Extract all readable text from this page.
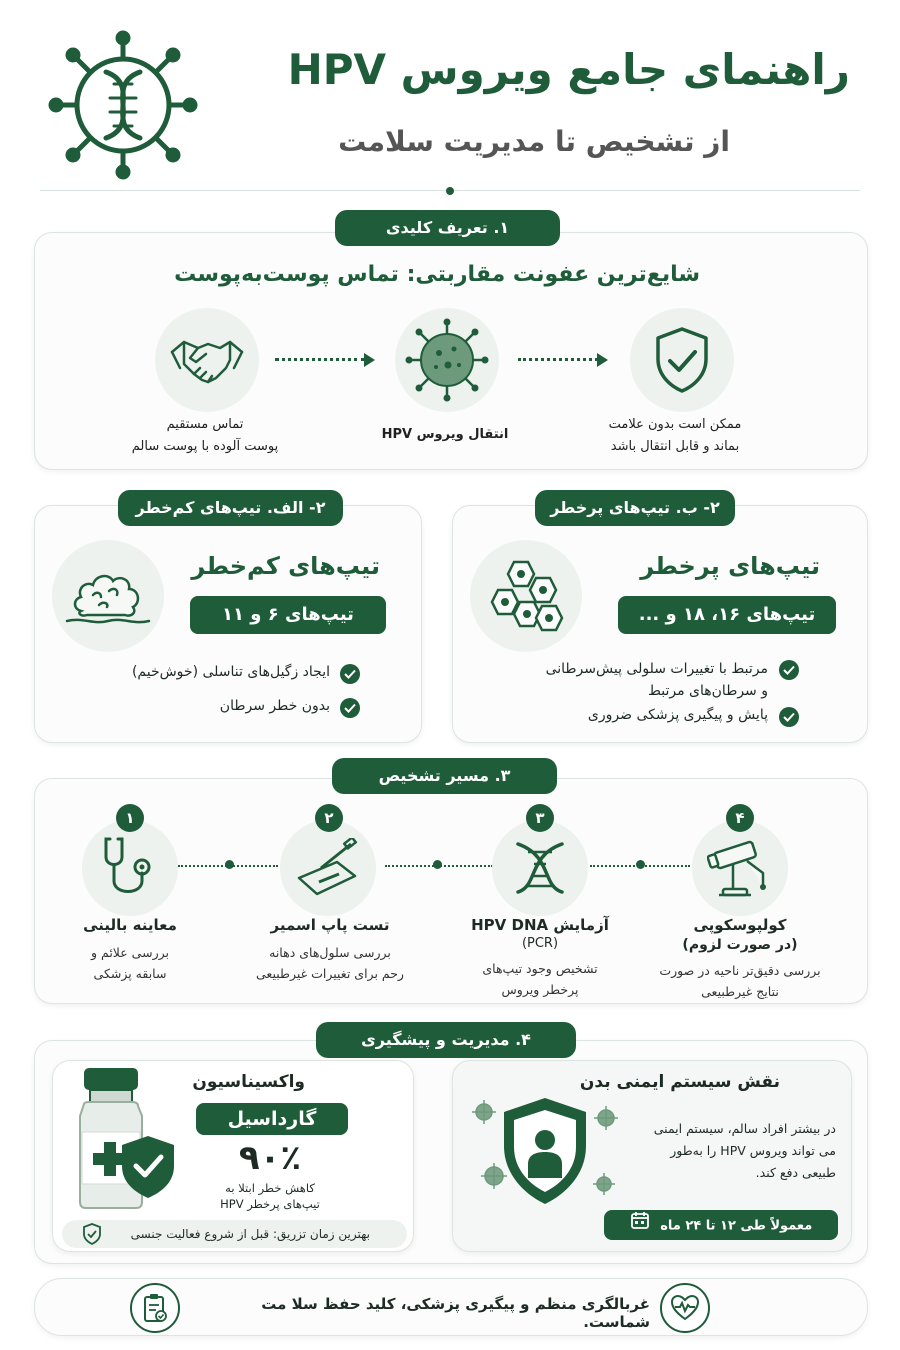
راهنمای جامع ویروس HPV
از تشخیص تا مدیریت سلامت
۱. تعریف کلیدی
شایع‌ترین عفونت مقاربتی: تماس پوست‌به‌پوست
تماس مستقیم
پوست آلوده با پوست سالم
انتقال ویروس HPV
ممکن است بدون علامت
بماند و قابل انتقال باشد
۲- الف. تیپ‌های کم‌خطر
تیپ‌های کم‌خطر
تیپ‌های ۶ و ۱۱
ایجاد زگیل‌های تناسلی (خوش‌خیم)
بدون خطر سرطان
۲- ب. تیپ‌های پرخطر
تیپ‌های پرخطر
تیپ‌های ۱۶، ۱۸ و ...
مرتبط با تغییرات سلولی پیش‌سرطانی
و سرطان‌های مرتبط
پایش و پیگیری پزشکی ضروری
۳. مسیر تشخیص
۱
معاینه بالینی
بررسی علائم و
سابقه پزشکی
۲
تست پاپ اسمیر
بررسی سلول‌های دهانه
رحم برای تغییرات غیرطبیعی
۳
آزمایش HPV DNA
(PCR)
تشخیص وجود تیپ‌های
پرخطر ویروس
۴
کولپوسکوپی
(در صورت لزوم)
بررسی دقیق‌تر ناحیه در صورت
نتایج غیرطبیعی
۴. مدیریت و پیشگیری
واکسیناسیون
گارداسیل
۹۰٪
کاهش خطر ابتلا به
تیپ‌های پرخطر HPV
بهترین زمان تزریق: قبل از شروع فعالیت جنسی
نقش سیستم ایمنی بدن
در بیشتر افراد سالم، سیستم ایمنی
می تواند ویروس HPV را به‌طور
طبیعی دفع کند.
معمولاً طی ۱۲ تا ۲۴ ماه
غربالگری منظم و پیگیری پزشکی، کلید حفظ سلا مت شماست.
